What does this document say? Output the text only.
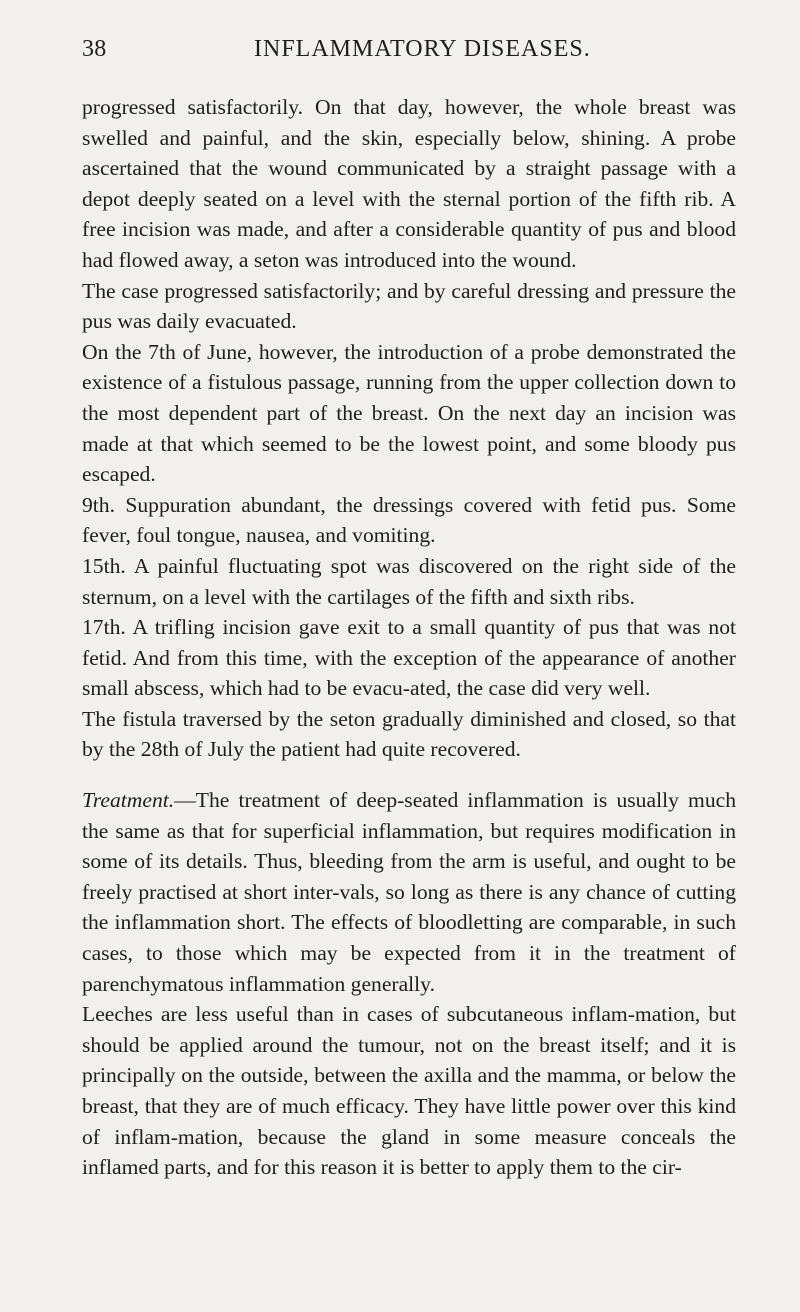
38	INFLAMMATORY DISEASES.

progressed satisfactorily. On that day, however, the whole breast was swelled and painful, and the skin, especially below, shining. A probe ascertained that the wound communicated by a straight passage with a depot deeply seated on a level with the sternal portion of the fifth rib. A free incision was made, and after a considerable quantity of pus and blood had flowed away, a seton was introduced into the wound.

The case progressed satisfactorily; and by careful dressing and pressure the pus was daily evacuated.

On the 7th of June, however, the introduction of a probe demonstrated the existence of a fistulous passage, running from the upper collection down to the most dependent part of the breast. On the next day an incision was made at that which seemed to be the lowest point, and some bloody pus escaped.

9th. Suppuration abundant, the dressings covered with fetid pus. Some fever, foul tongue, nausea, and vomiting.

15th. A painful fluctuating spot was discovered on the right side of the sternum, on a level with the cartilages of the fifth and sixth ribs.

17th. A trifling incision gave exit to a small quantity of pus that was not fetid. And from this time, with the exception of the appearance of another small abscess, which had to be evacu-ated, the case did very well.

The fistula traversed by the seton gradually diminished and closed, so that by the 28th of July the patient had quite recovered.

Treatment.—The treatment of deep-seated inflammation is usually much the same as that for superficial inflammation, but requires modification in some of its details. Thus, bleeding from the arm is useful, and ought to be freely practised at short inter-vals, so long as there is any chance of cutting the inflammation short. The effects of bloodletting are comparable, in such cases, to those which may be expected from it in the treatment of parenchymatous inflammation generally.

Leeches are less useful than in cases of subcutaneous inflam-mation, but should be applied around the tumour, not on the breast itself; and it is principally on the outside, between the axilla and the mamma, or below the breast, that they are of much efficacy. They have little power over this kind of inflam-mation, because the gland in some measure conceals the inflamed parts, and for this reason it is better to apply them to the cir-
